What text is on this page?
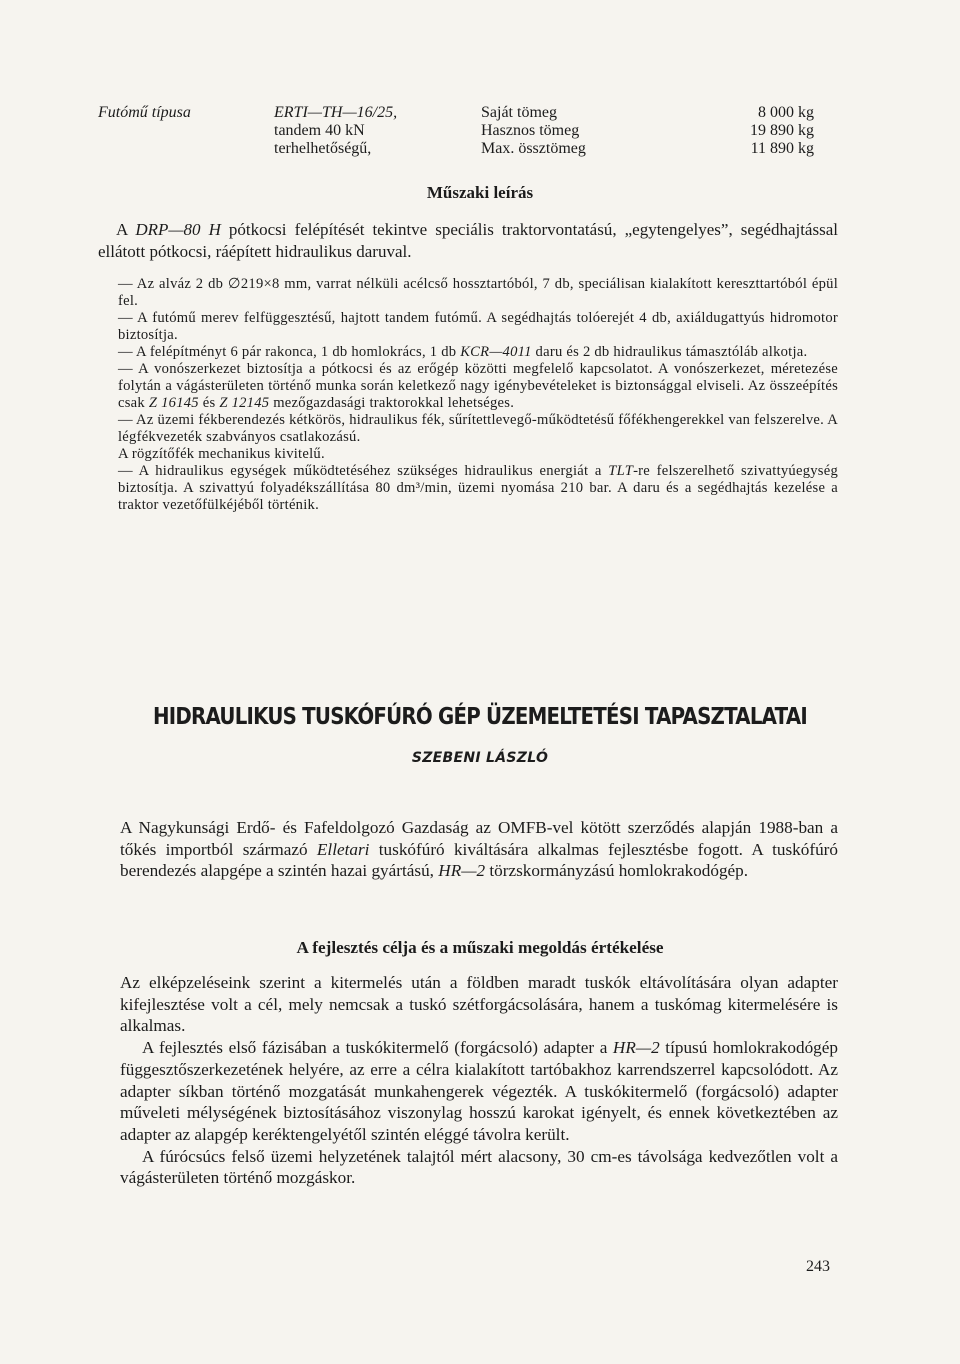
Futómű típusa	ERTI—TH—16/25,
tandem 40 kN
terhelhetőségű,
Saját tömeg
Hasznos tömeg
Max. össztömeg
8 000 kg
19 890 kg
11 890 kg
Műszaki leírás

A DRP—80 H pótkocsi felépítését tekintve speciális traktorvontatású, „egytengelyes”, segédhajtással ellátott pótkocsi, ráépített hidraulikus daruval.

— Az alváz 2 db ∅219×8 mm, varrat nélküli acélcső hossztartóból, 7 db, speciálisan kialakított kereszttartóból épül fel.

— A futómű merev felfüggesztésű, hajtott tandem futómű. A segédhajtás tolóerejét 4 db, axiáldugattyús hidromotor biztosítja.

— A felépítményt 6 pár rakonca, 1 db homlokrács, 1 db KCR—4011 daru és 2 db hidraulikus támasztóláb alkotja.

— A vonószerkezet biztosítja a pótkocsi és az erőgép közötti megfelelő kapcsolatot. A vonószerkezet, méretezése folytán a vágásterületen történő munka során keletkező nagy igénybevételeket is biztonsággal elviseli. Az összeépítés csak Z 16145 és Z 12145 mezőgazdasági traktorokkal lehetséges.

— Az üzemi fékberendezés kétkörös, hidraulikus fék, sűrítettlevegő-működtetésű főfékhengerekkel van felszerelve. A légfékvezeték szabványos csatlakozású.

A rögzítőfék mechanikus kivitelű.

— A hidraulikus egységek működtetéséhez szükséges hidraulikus energiát a TLT-re felszerelhető szivattyúegység biztosítja. A szivattyú folyadékszállítása 80 dm³/min, üzemi nyomása 210 bar. A daru és a segédhajtás kezelése a traktor vezetőfülkéjéből történik.

HIDRAULIKUS TUSKÓFÚRÓ GÉP ÜZEMELTETÉSI TAPASZTALATAI
SZEBENI LÁSZLÓ

A Nagykunsági Erdő- és Fafeldolgozó Gazdaság az OMFB-vel kötött szerződés alapján 1988-ban a tőkés importból származó Elletari tuskófúró kiváltására alkalmas fejlesztésbe fogott. A tuskófúró berendezés alapgépe a szintén hazai gyártású, HR—2 törzskormányzású homlokrakodógép.

A fejlesztés célja és a műszaki megoldás értékelése

Az elképzeléseink szerint a kitermelés után a földben maradt tuskók eltávolítására olyan adapter kifejlesztése volt a cél, mely nemcsak a tuskó szétforgácsolására, hanem a tuskómag kitermelésére is alkalmas.

A fejlesztés első fázisában a tuskókitermelő (forgácsoló) adapter a HR—2 típusú homlokrakodógép függesztőszerkezetének helyére, az erre a célra kialakított tartóbakhoz karrendszerrel kapcsolódott. Az adapter síkban történő mozgatását munkahengerek végezték. A tuskókitermelő (forgácsoló) adapter műveleti mélységének biztosításához viszonylag hosszú karokat igényelt, és ennek következtében az adapter az alapgép keréktengelyétől szintén eléggé távolra került.

A fúrócsúcs felső üzemi helyzetének talajtól mért alacsony, 30 cm-es távolsága kedvezőtlen volt a vágásterületen történő mozgáskor.

243
